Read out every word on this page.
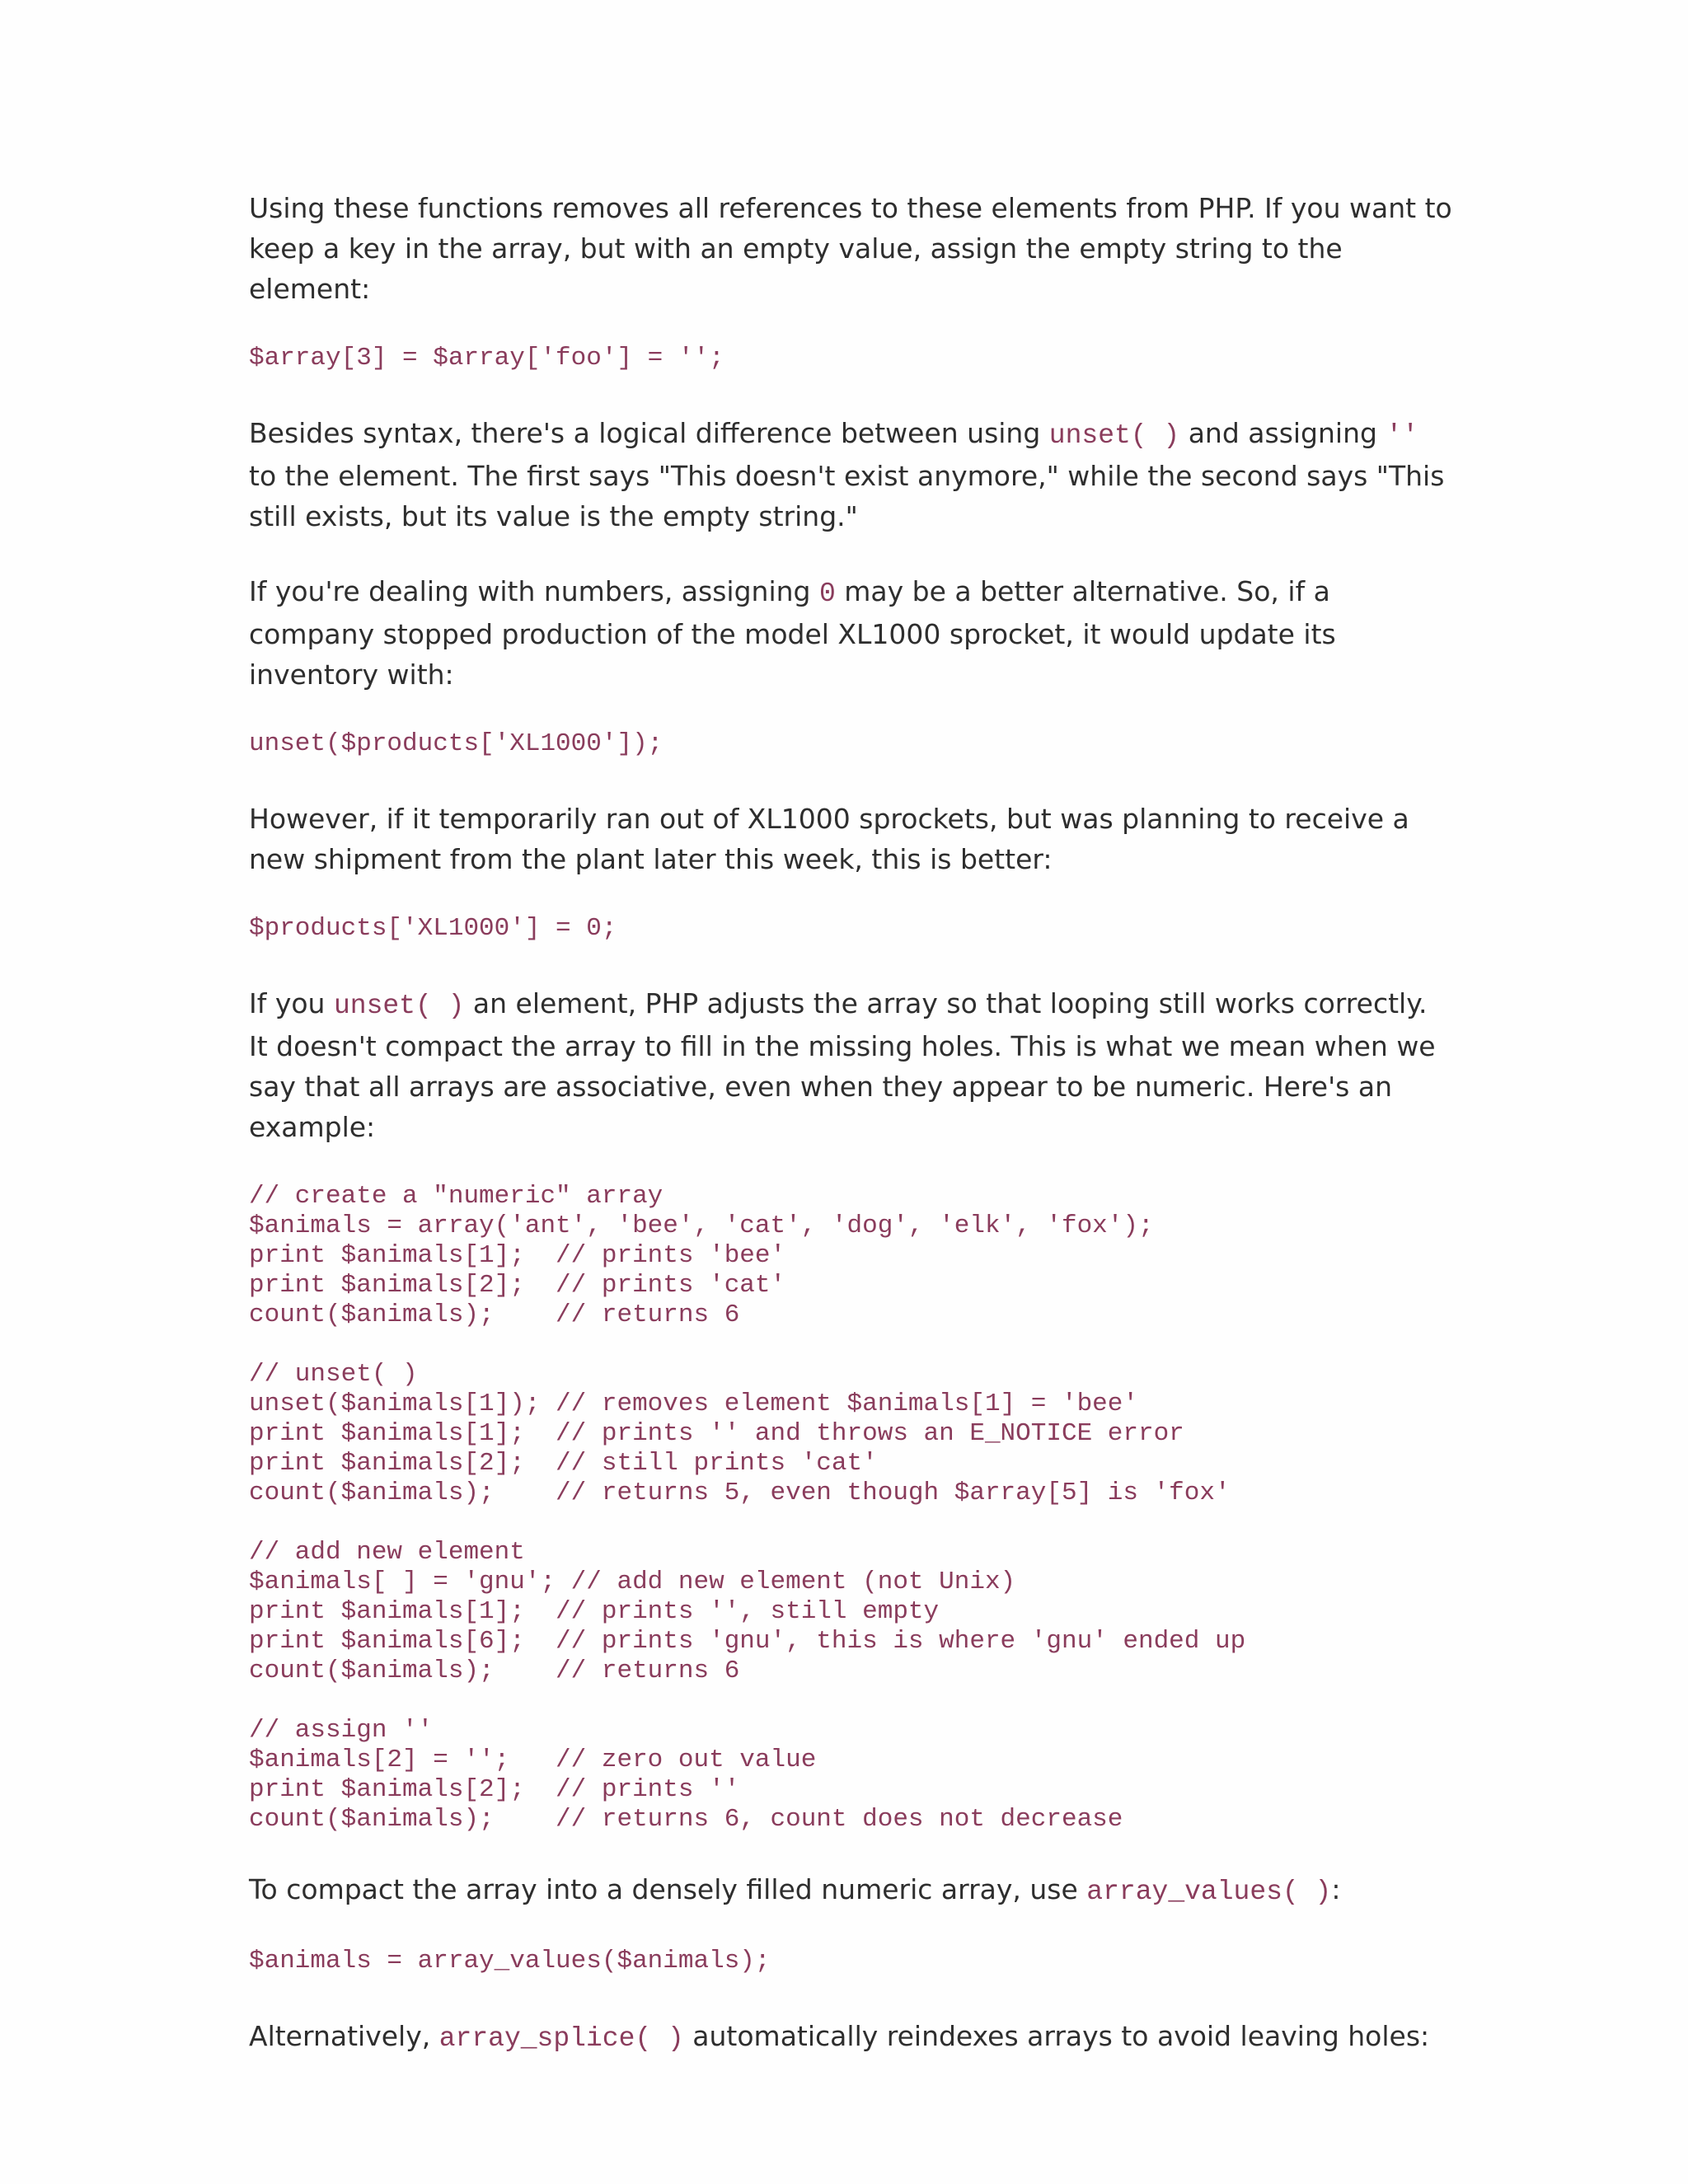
Using these functions removes all references to these elements from PHP. If you want to keep a key in the array, but with an empty value, assign the empty string to the element:

$array[3] = $array['foo'] = '';

Besides syntax, there's a logical difference between using unset( ) and assigning '' to the element. The first says "This doesn't exist anymore," while the second says "This still exists, but its value is the empty string."

If you're dealing with numbers, assigning 0 may be a better alternative. So, if a company stopped production of the model XL1000 sprocket, it would update its inventory with:

unset($products['XL1000']);

However, if it temporarily ran out of XL1000 sprockets, but was planning to receive a new shipment from the plant later this week, this is better:

$products['XL1000'] = 0;

If you unset( ) an element, PHP adjusts the array so that looping still works correctly. It doesn't compact the array to fill in the missing holes. This is what we mean when we say that all arrays are associative, even when they appear to be numeric. Here's an example:

// create a "numeric" array
$animals = array('ant', 'bee', 'cat', 'dog', 'elk', 'fox');
print $animals[1];  // prints 'bee'
print $animals[2];  // prints 'cat'
count($animals);    // returns 6

// unset( )
unset($animals[1]); // removes element $animals[1] = 'bee'
print $animals[1];  // prints '' and throws an E_NOTICE error
print $animals[2];  // still prints 'cat'
count($animals);    // returns 5, even though $array[5] is 'fox'

// add new element
$animals[ ] = 'gnu'; // add new element (not Unix)
print $animals[1];  // prints '', still empty
print $animals[6];  // prints 'gnu', this is where 'gnu' ended up
count($animals);    // returns 6

// assign ''
$animals[2] = '';   // zero out value
print $animals[2];  // prints ''
count($animals);    // returns 6, count does not decrease

To compact the array into a densely filled numeric array, use array_values( ):

$animals = array_values($animals);

Alternatively, array_splice( ) automatically reindexes arrays to avoid leaving holes:
